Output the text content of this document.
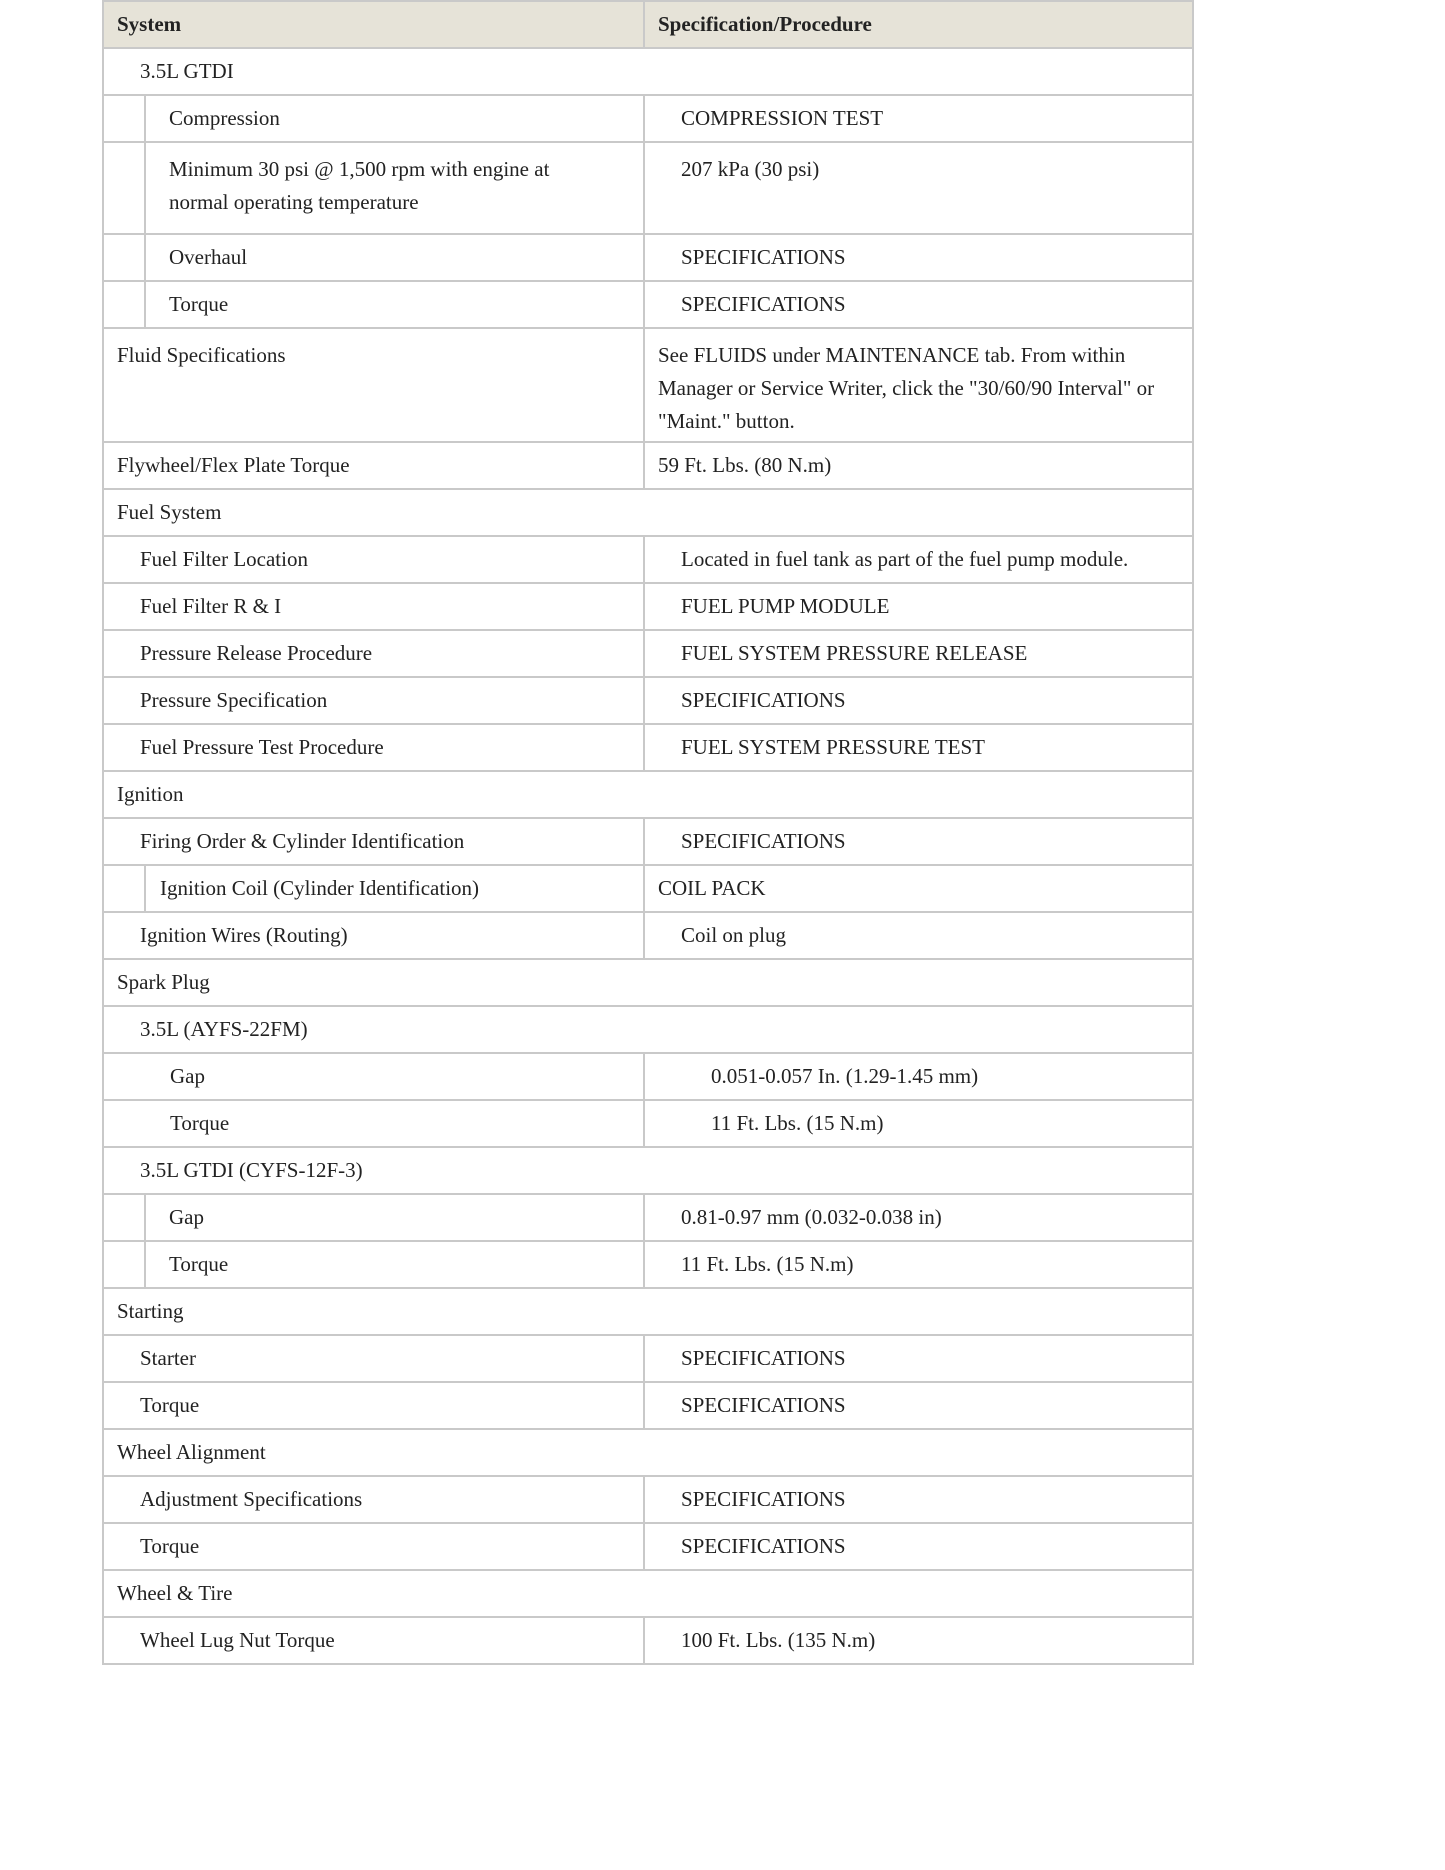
System	Specification/Procedure
3.5L GTDI	

Compression	COMPRESSION TEST

Minimum 30 psi @ 1,500 rpm with engine at normal operating temperature	207 kPa (30 psi)

Overhaul	SPECIFICATIONS

Torque	SPECIFICATIONS
Fluid Specifications	See FLUIDS under MAINTENANCE tab. From within Manager or Service Writer, click the "30/60/90 Interval" or "Maint." button.
Flywheel/Flex Plate Torque	59 Ft. Lbs. (80 N.m)
Fuel System	
Fuel Filter Location	Located in fuel tank as part of the fuel pump module.
Fuel Filter R & I	FUEL PUMP MODULE
Pressure Release Procedure	FUEL SYSTEM PRESSURE RELEASE
Pressure Specification	SPECIFICATIONS
Fuel Pressure Test Procedure	FUEL SYSTEM PRESSURE TEST
Ignition	
Firing Order & Cylinder Identification	SPECIFICATIONS

Ignition Coil (Cylinder Identification)	COIL PACK
Ignition Wires (Routing)	Coil on plug
Spark Plug	
3.5L (AYFS-22FM)	
Gap	0.051-0.057 In. (1.29-1.45 mm)
Torque	11 Ft. Lbs. (15 N.m)
3.5L GTDI (CYFS-12F-3)	

Gap	0.81-0.97 mm (0.032-0.038 in)

Torque	11 Ft. Lbs. (15 N.m)
Starting	
Starter	SPECIFICATIONS
Torque	SPECIFICATIONS
Wheel Alignment	
Adjustment Specifications	SPECIFICATIONS
Torque	SPECIFICATIONS
Wheel & Tire	
Wheel Lug Nut Torque	100 Ft. Lbs. (135 N.m)
